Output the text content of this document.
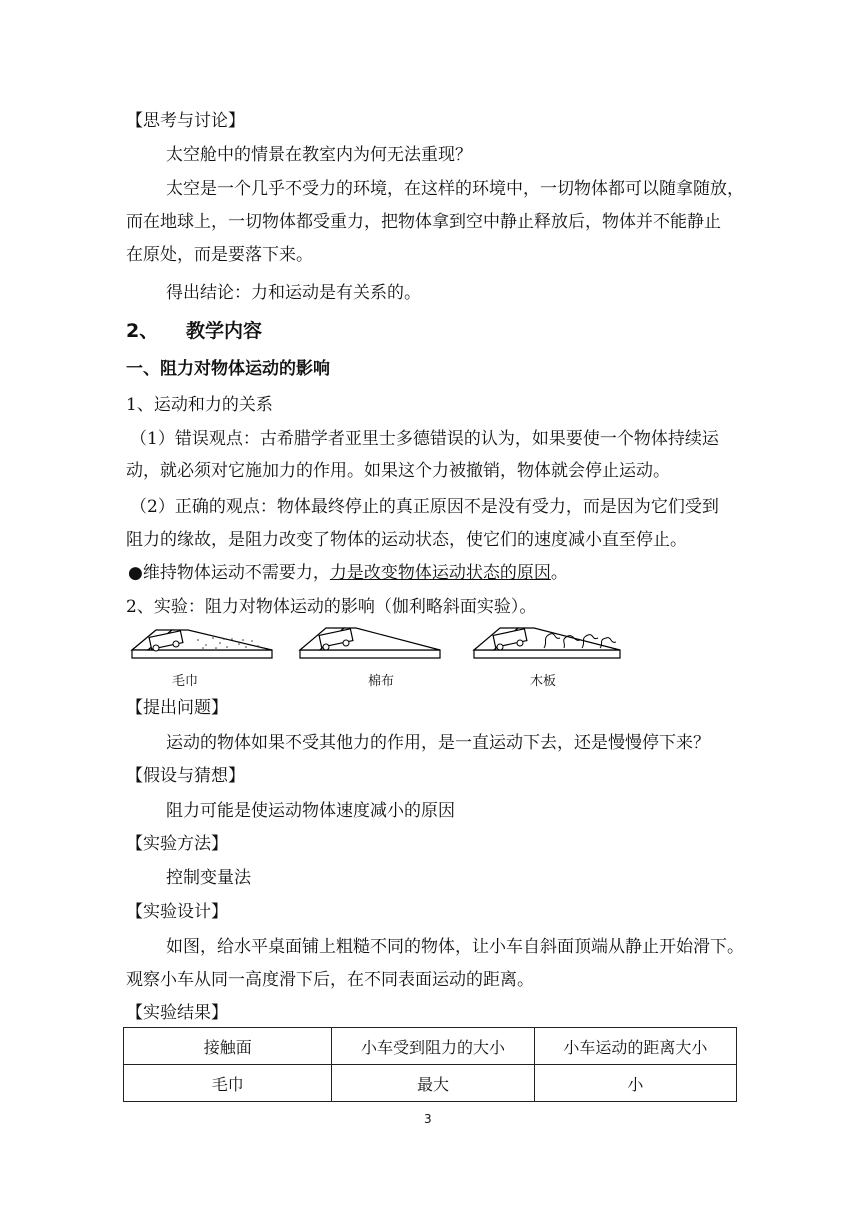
【思考与讨论】
太空舱中的情景在教室内为何无法重现？
太空是一个几乎不受力的环境，在这样的环境中，一切物体都可以随拿随放，
而在地球上，一切物体都受重力，把物体拿到空中静止释放后，物体并不能静止
在原处，而是要落下来。
得出结论：力和运动是有关系的。
2、 教学内容
一、阻力对物体运动的影响
1、运动和力的关系
（1）错误观点：古希腊学者亚里士多德错误的认为，如果要使一个物体持续运
动，就必须对它施加力的作用。如果这个力被撤销，物体就会停止运动。
（2）正确的观点：物体最终停止的真正原因不是没有受力，而是因为它们受到
阻力的缘故，是阻力改变了物体的运动状态，使它们的速度减小直至停止。
●维持物体运动不需要力，力是改变物体运动状态的原因。
2、实验：阻力对物体运动的影响（伽利略斜面实验）。
毛巾	棉布	木板
【提出问题】
运动的物体如果不受其他力的作用，是一直运动下去，还是慢慢停下来？
【假设与猜想】
阻力可能是使运动物体速度减小的原因
【实验方法】
控制变量法
【实验设计】
如图，给水平桌面铺上粗糙不同的物体，让小车自斜面顶端从静止开始滑下。
观察小车从同一高度滑下后，在不同表面运动的距离。
【实验结果】
接触面	小车受到阻力的大小	小车运动的距离大小
毛巾	最大	小
3
